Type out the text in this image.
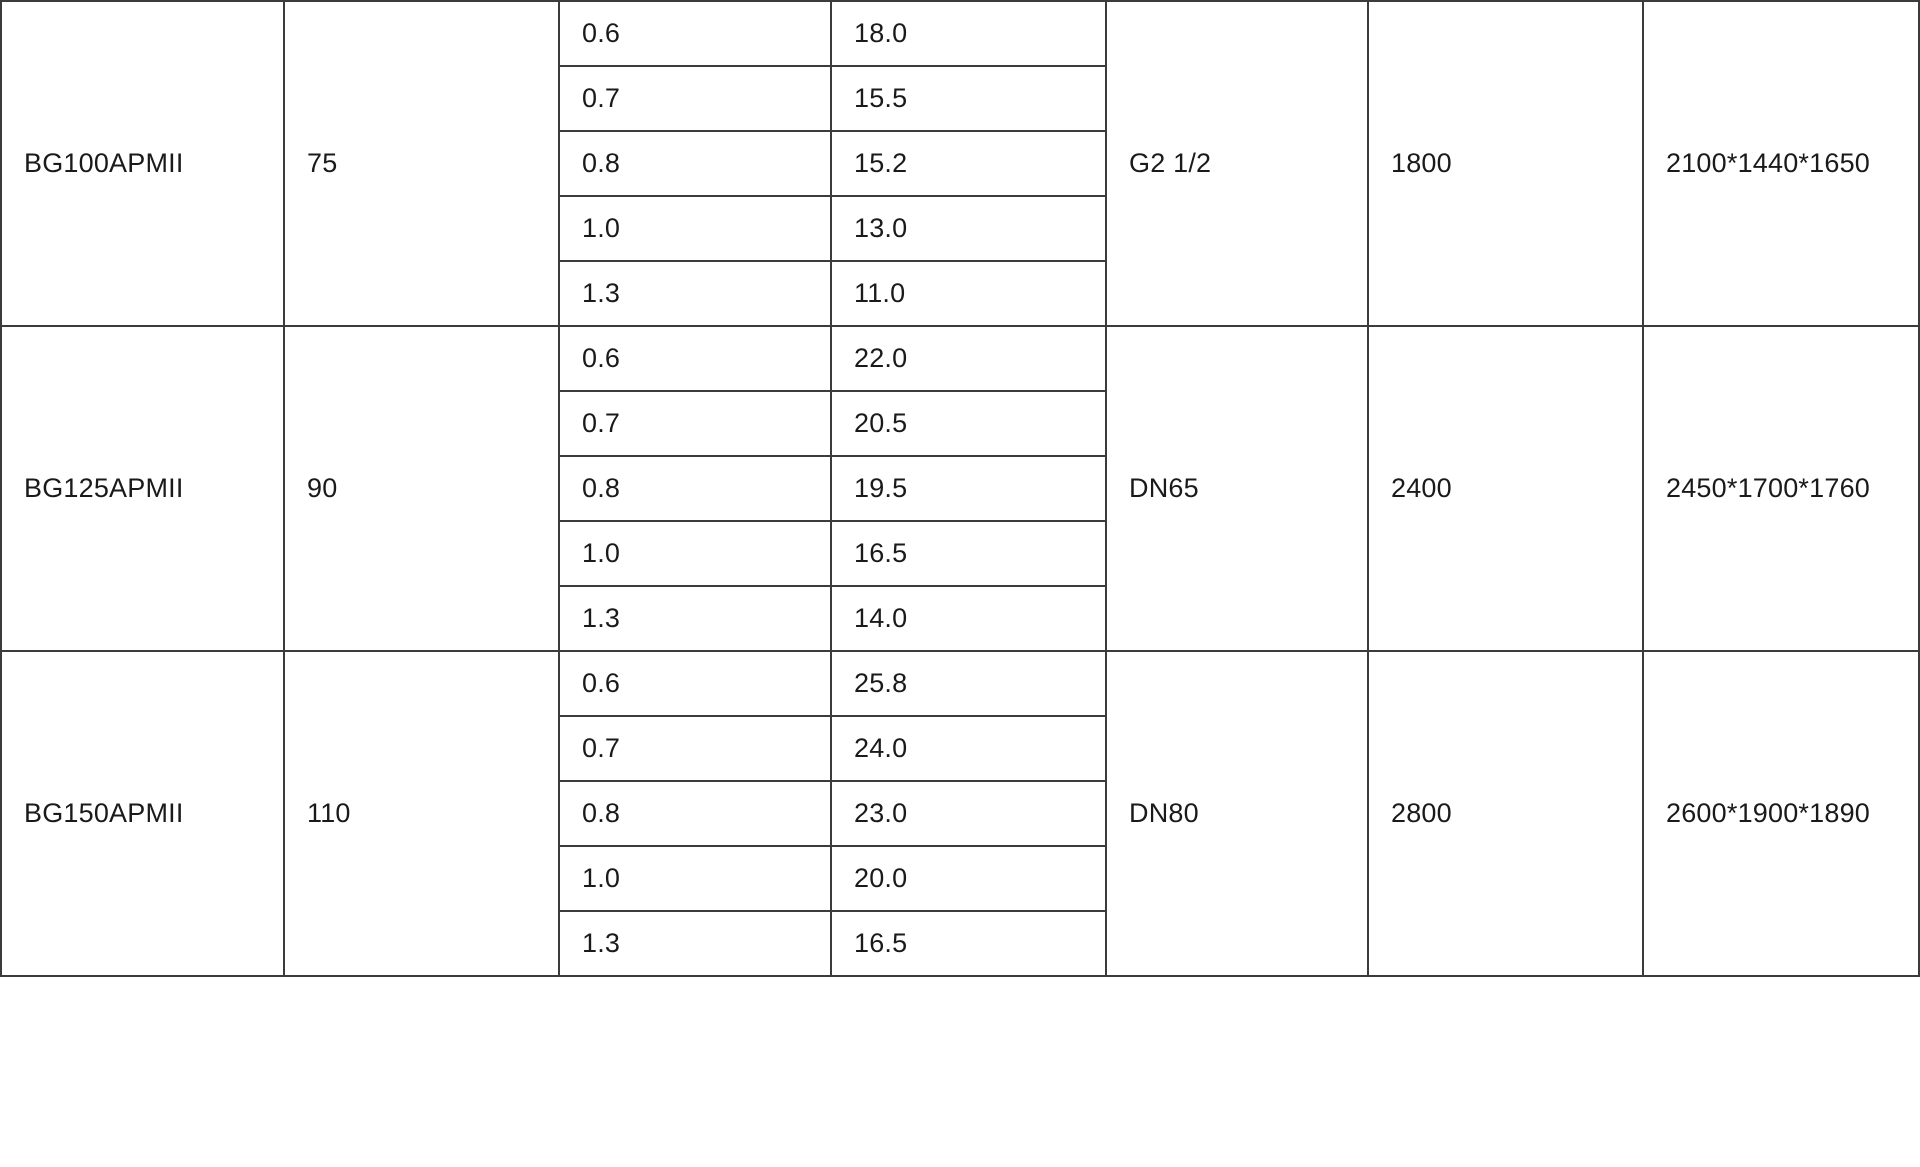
BG100APMII	75	0.6	18.0	G2 1/2	1800	2100*1440*1650
		0.7	15.5			
		0.8	15.2			
		1.0	13.0			
		1.3	11.0			
BG125APMII	90	0.6	22.0	DN65	2400	2450*1700*1760
		0.7	20.5			
		0.8	19.5			
		1.0	16.5			
		1.3	14.0			
BG150APMII	110	0.6	25.8	DN80	2800	2600*1900*1890
		0.7	24.0			
		0.8	23.0			
		1.0	20.0			
		1.3	16.5			
